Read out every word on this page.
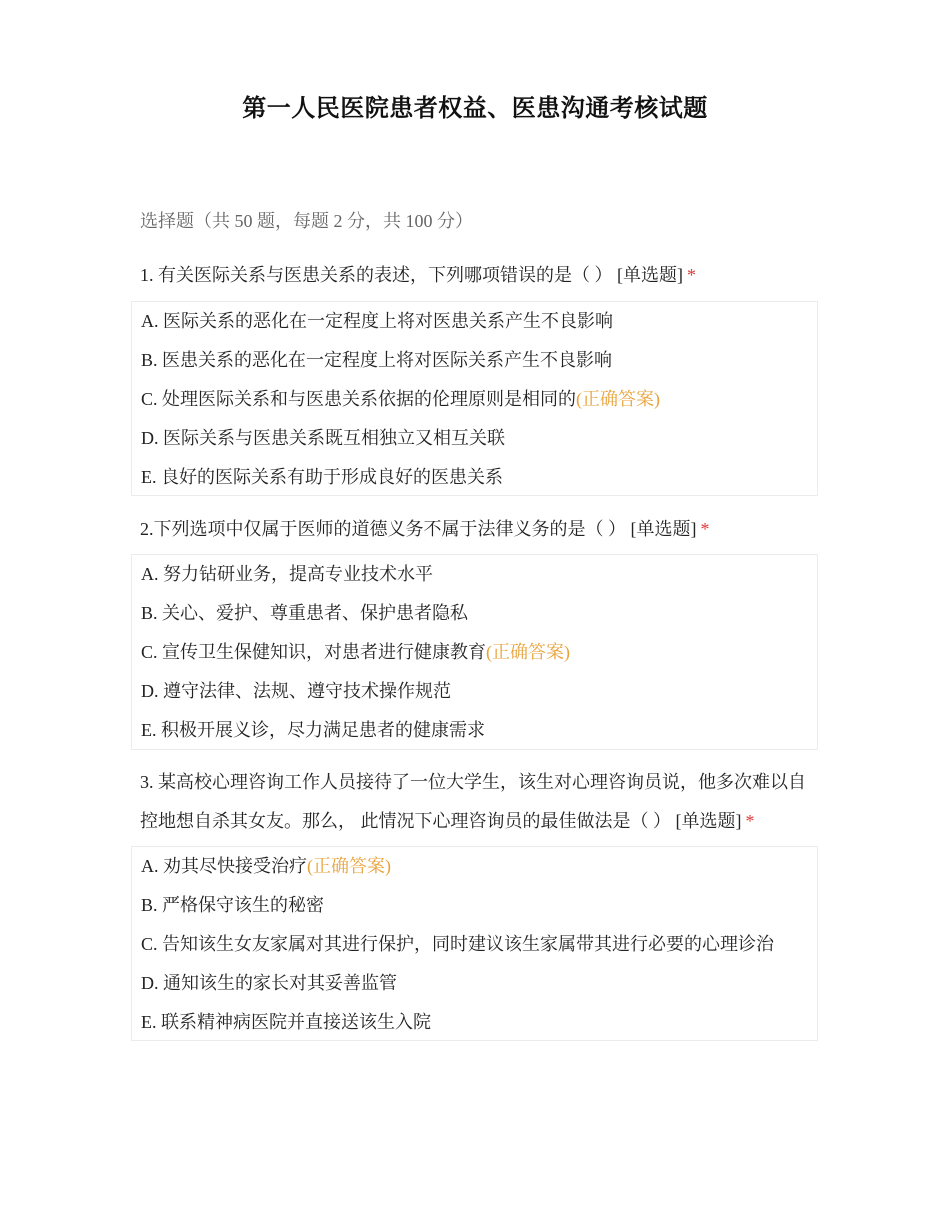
第一人民医院患者权益、医患沟通考核试题
选择题（共 50 题，每题 2 分，共 100 分）
1. 有关医际关系与医患关系的表述，下列哪项错误的是（ ） [单选题] *
A. 医际关系的恶化在一定程度上将对医患关系产生不良影响
B. 医患关系的恶化在一定程度上将对医际关系产生不良影响
C. 处理医际关系和与医患关系依据的伦理原则是相同的(正确答案)
D. 医际关系与医患关系既互相独立又相互关联
E. 良好的医际关系有助于形成良好的医患关系
2.下列选项中仅属于医师的道德义务不属于法律义务的是（ ） [单选题] *
A. 努力钻研业务，提高专业技术水平
B. 关心、爱护、尊重患者、保护患者隐私
C. 宣传卫生保健知识，对患者进行健康教育(正确答案)
D. 遵守法律、法规、遵守技术操作规范
E. 积极开展义诊，尽力满足患者的健康需求
3. 某高校心理咨询工作人员接待了一位大学生，该生对心理咨询员说，他多次难以自控地想自杀其女友。那么， 此情况下心理咨询员的最佳做法是（ ） [单选题] *
A. 劝其尽快接受治疗(正确答案)
B. 严格保守该生的秘密
C. 告知该生女友家属对其进行保护，同时建议该生家属带其进行必要的心理诊治
D. 通知该生的家长对其妥善监管
E. 联系精神病医院并直接送该生入院
